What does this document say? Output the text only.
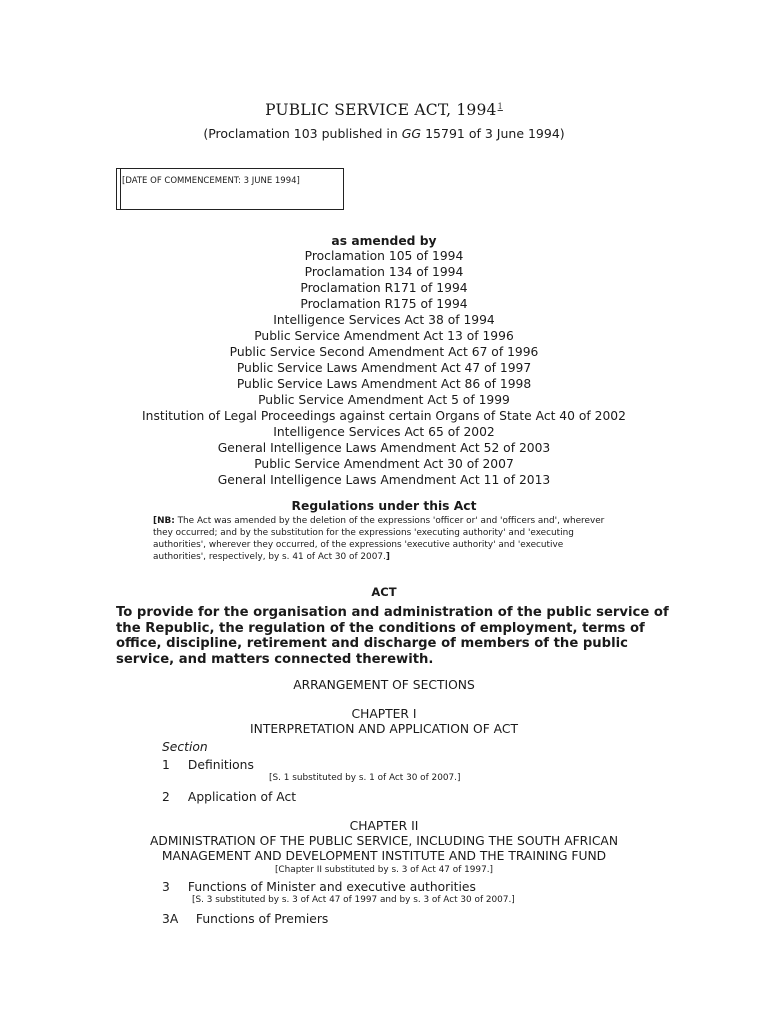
PUBLIC SERVICE ACT, 1994$^1$
(Proclamation 103 published in GG 15791 of 3 June 1994)
[DATE OF COMMENCEMENT: 3 JUNE 1994]
as amended by
Proclamation 105 of 1994
Proclamation 134 of 1994
Proclamation R171 of 1994
Proclamation R175 of 1994
Intelligence Services Act 38 of 1994
Public Service Amendment Act 13 of 1996
Public Service Second Amendment Act 67 of 1996
Public Service Laws Amendment Act 47 of 1997
Public Service Laws Amendment Act 86 of 1998
Public Service Amendment Act 5 of 1999
Institution of Legal Proceedings against certain Organs of State Act 40 of 2002
Intelligence Services Act 65 of 2002
General Intelligence Laws Amendment Act 52 of 2003
Public Service Amendment Act 30 of 2007
General Intelligence Laws Amendment Act 11 of 2013
Regulations under this Act
[NB: The Act was amended by the deletion of the expressions 'officer or' and 'officers and', wherever they occurred; and by the substitution for the expressions 'executing authority' and 'executing authorities', wherever they occurred, of the expressions 'executive authority' and 'executive authorities', respectively, by s. 41 of Act 30 of 2007.]
ACT
To provide for the organisation and administration of the public service of the Republic, the regulation of the conditions of employment, terms of office, discipline, retirement and discharge of members of the public service, and matters connected therewith.
ARRANGEMENT OF SECTIONS
CHAPTER I
INTERPRETATION AND APPLICATION OF ACT
Section
1 Definitions
[S. 1 substituted by s. 1 of Act 30 of 2007.]
2 Application of Act
CHAPTER II
ADMINISTRATION OF THE PUBLIC SERVICE, INCLUDING THE SOUTH AFRICAN
MANAGEMENT AND DEVELOPMENT INSTITUTE AND THE TRAINING FUND
[Chapter II substituted by s. 3 of Act 47 of 1997.]
3 Functions of Minister and executive authorities
[S. 3 substituted by s. 3 of Act 47 of 1997 and by s. 3 of Act 30 of 2007.]
3A Functions of Premiers
